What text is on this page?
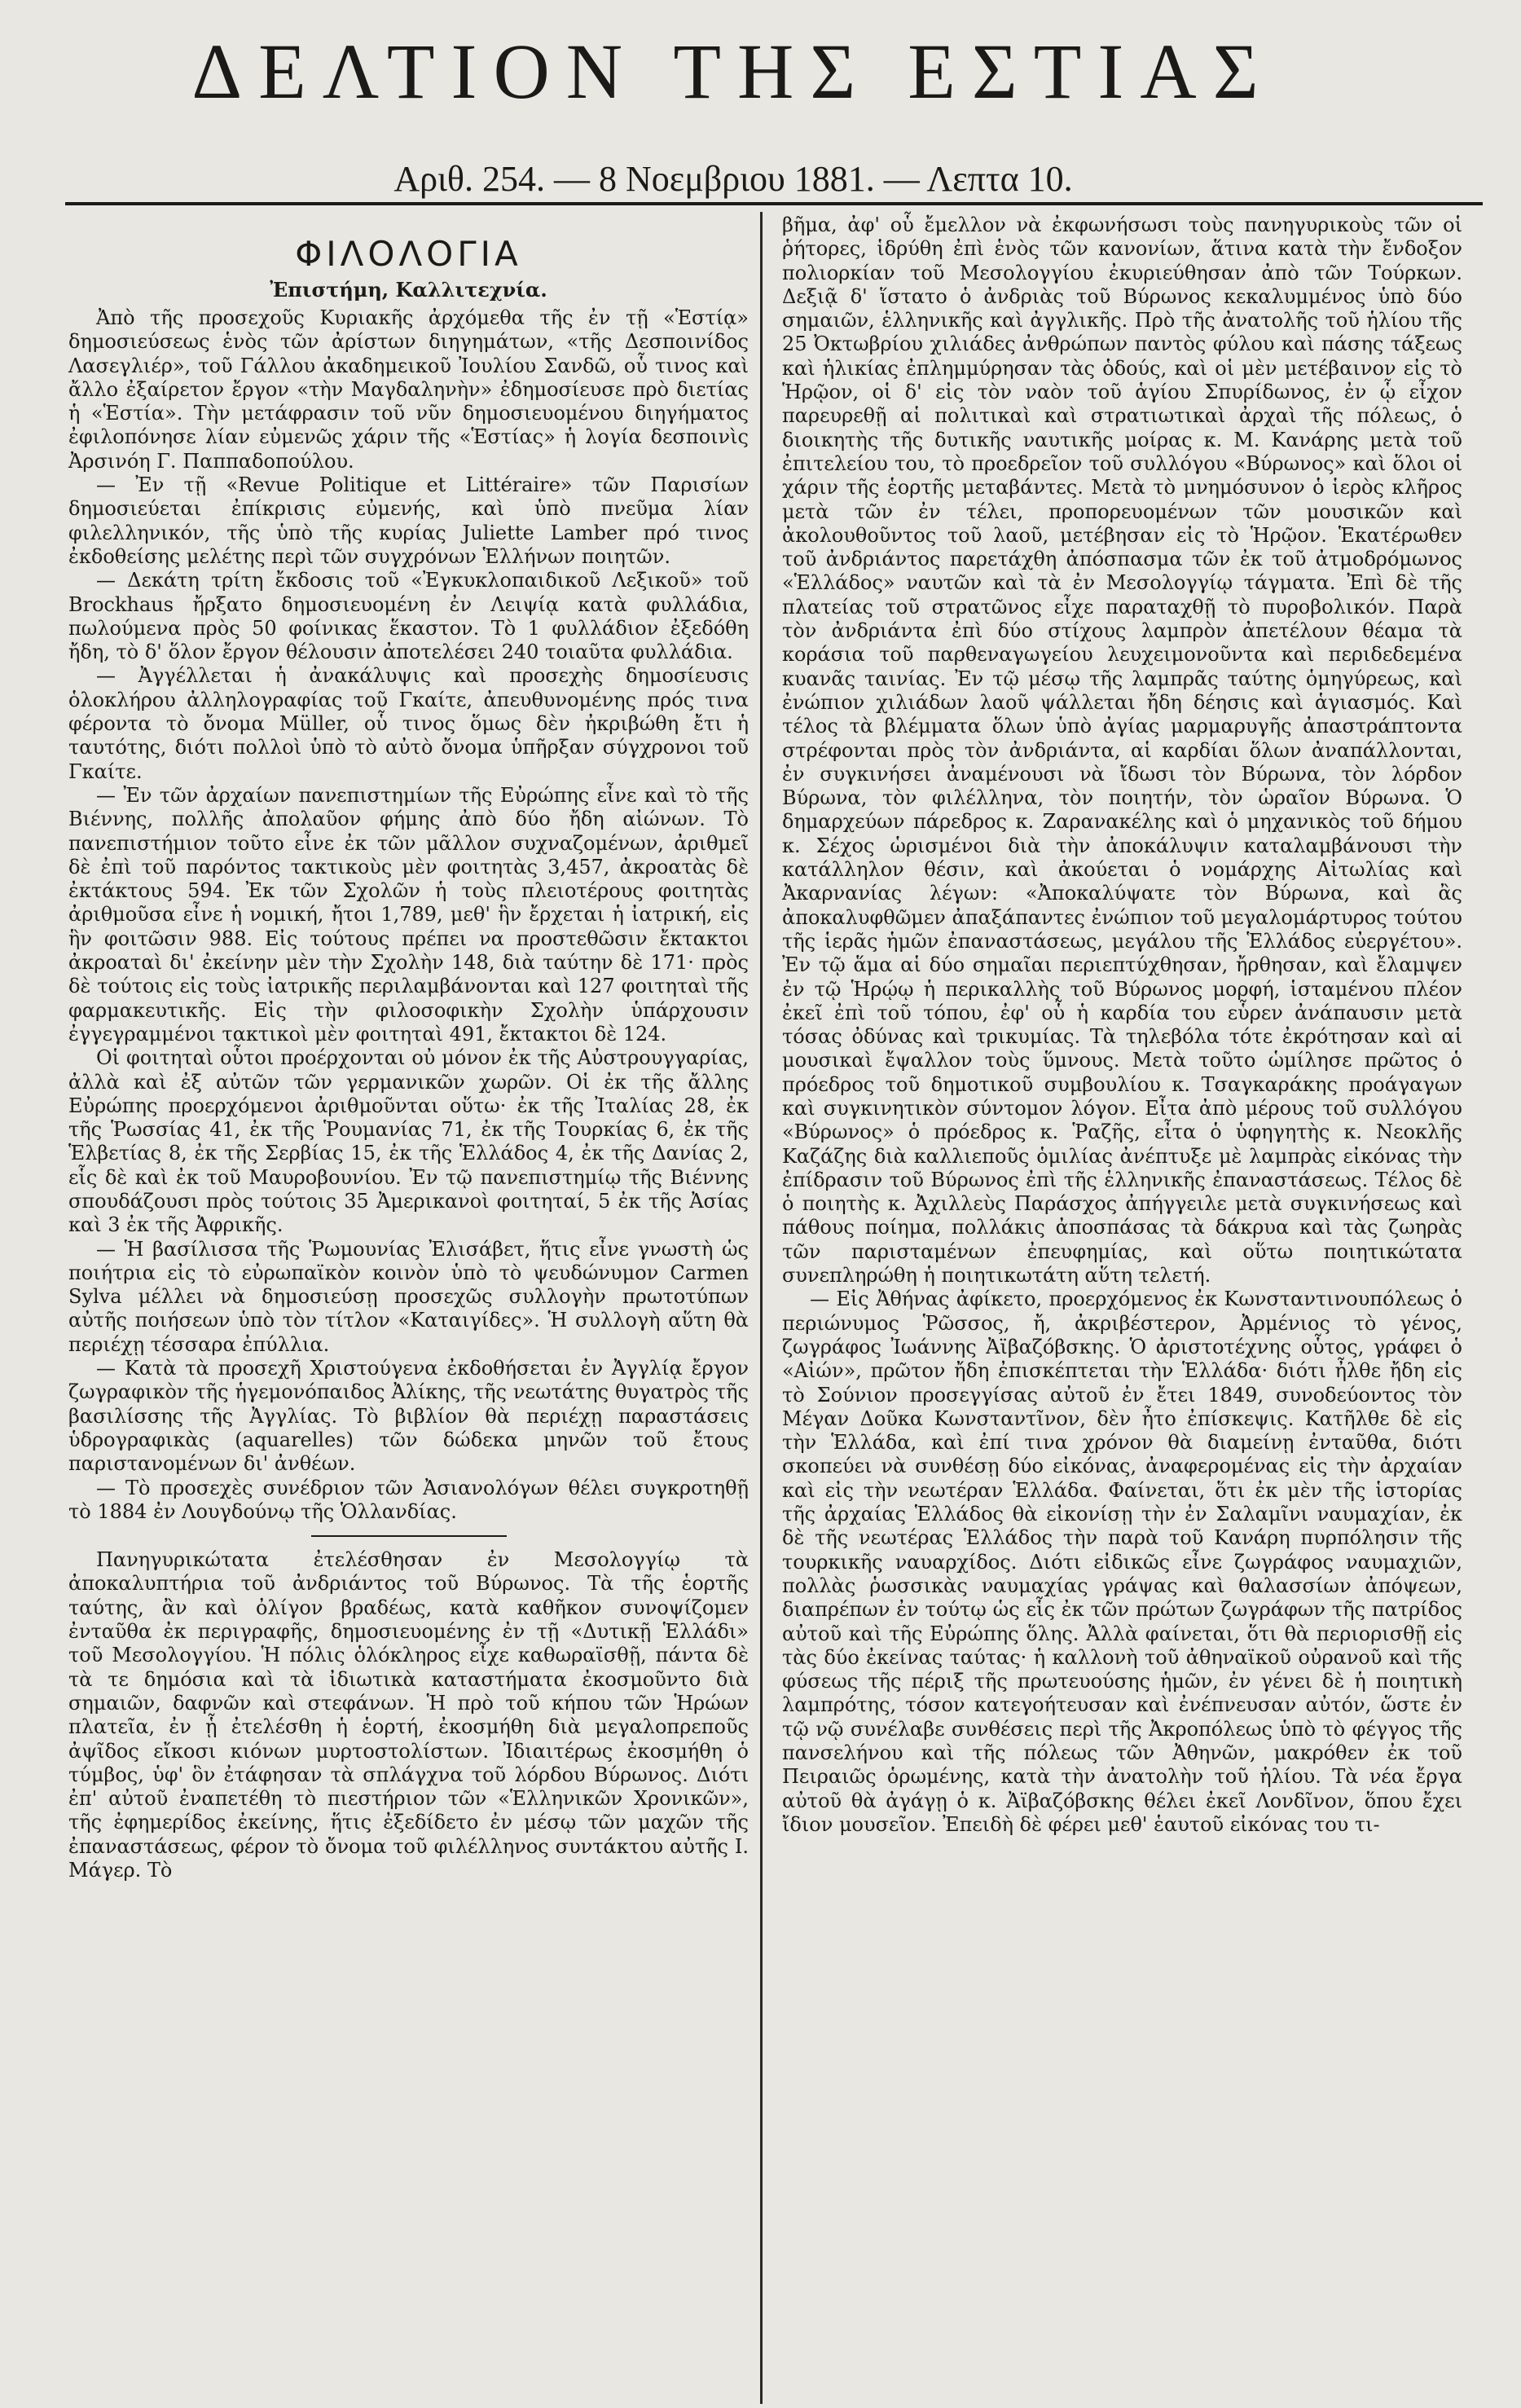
ΔΕΛΤΙΟΝ ΤΗΣ ΕΣΤΙΑΣ
Αριθ. 254. — 8 Νοεμβριου 1881. — Λεπτα 10.
ΦΙΛΟΛΟΓΙΑ
Ἐπιστήμη, Καλλιτεχνία.

Ἀπὸ τῆς προσεχοῦς Κυριακῆς ἀρχόμεθα τῆς ἐν τῇ «Ἑστίᾳ» δημοσιεύσεως ἑνὸς τῶν ἀρίστων διηγημάτων, «τῆς Δεσποινίδος Λασεγλιέρ», τοῦ Γάλλου ἀκαδημεικοῦ Ἰουλίου Σανδῶ, οὗ τινος καὶ ἄλλο ἐξαίρετον ἔργον «τὴν Μαγδαληνὴν» ἐδημοσίευσε πρὸ διετίας ἡ «Ἑστία». Τὴν μετάφρασιν τοῦ νῦν δημοσιευομένου διηγήματος ἐφιλοπόνησε λίαν εὐμενῶς χάριν τῆς «Ἑστίας» ἡ λογία δεσποινὶς Ἀρσινόη Γ. Παππαδοπούλου.

— Ἐν τῇ «Revue Politique et Littéraire» τῶν Παρισίων δημοσιεύεται ἐπίκρισις εὐμενής, καὶ ὑπὸ πνεῦμα λίαν φιλελληνικόν, τῆς ὑπὸ τῆς κυρίας Juliette Lamber πρό τινος ἐκδοθείσης μελέτης περὶ τῶν συγχρόνων Ἑλλήνων ποιητῶν.

— Δεκάτη τρίτη ἔκδοσις τοῦ «Ἐγκυκλοπαιδικοῦ Λεξικοῦ» τοῦ Brockhaus ἤρξατο δημοσιευομένη ἐν Λειψίᾳ κατὰ φυλλάδια, πωλούμενα πρὸς 50 φοίνικας ἕκαστον. Τὸ 1 φυλλάδιον ἐξεδόθη ἤδη, τὸ δ' ὅλον ἔργον θέλουσιν ἀποτελέσει 240 τοιαῦτα φυλλάδια.

— Ἀγγέλλεται ἡ ἀνακάλυψις καὶ προσεχὴς δημοσίευσις ὁλοκλήρου ἀλληλογραφίας τοῦ Γκαίτε, ἀπευθυνομένης πρός τινα φέροντα τὸ ὄνομα Müller, οὗ τινος ὅμως δὲν ἠκριβώθη ἔτι ἡ ταυτότης, διότι πολλοὶ ὑπὸ τὸ αὐτὸ ὄνομα ὑπῆρξαν σύγχρονοι τοῦ Γκαίτε.

— Ἐν τῶν ἀρχαίων πανεπιστημίων τῆς Εὐρώπης εἶνε καὶ τὸ τῆς Βιέννης, πολλῆς ἀπολαῦον φήμης ἀπὸ δύο ἤδη αἰώνων. Τὸ πανεπιστήμιον τοῦτο εἶνε ἐκ τῶν μᾶλλον συχναζομένων, ἀριθμεῖ δὲ ἐπὶ τοῦ παρόντος τακτικοὺς μὲν φοιτητὰς 3,457, ἀκροατὰς δὲ ἐκτάκτους 594. Ἐκ τῶν Σχολῶν ἡ τοὺς πλειοτέρους φοιτητὰς ἀριθμοῦσα εἶνε ἡ νομική, ἤτοι 1,789, μεθ' ἣν ἔρχεται ἡ ἰατρική, εἰς ἣν φοιτῶσιν 988. Εἰς τούτους πρέπει να προστεθῶσιν ἔκτακτοι ἀκροαταὶ δι' ἐκείνην μὲν τὴν Σχολὴν 148, διὰ ταύτην δὲ 171· πρὸς δὲ τούτοις εἰς τοὺς ἰατρικῆς περιλαμβάνονται καὶ 127 φοιτηταὶ τῆς φαρμακευτικῆς. Εἰς τὴν φιλοσοφικὴν Σχολὴν ὑπάρχουσιν ἐγγεγραμμένοι τακτικοὶ μὲν φοιτηταὶ 491, ἔκτακτοι δὲ 124.

Οἱ φοιτηταὶ οὗτοι προέρχονται οὐ μόνον ἐκ τῆς Αὐστρουγγαρίας, ἀλλὰ καὶ ἐξ αὐτῶν τῶν γερμανικῶν χωρῶν. Οἱ ἐκ τῆς ἄλλης Εὐρώπης προερχόμενοι ἀριθμοῦνται οὕτω· ἐκ τῆς Ἰταλίας 28, ἐκ τῆς Ῥωσσίας 41, ἐκ τῆς Ῥουμανίας 71, ἐκ τῆς Τουρκίας 6, ἐκ τῆς Ἑλβετίας 8, ἐκ τῆς Σερβίας 15, ἐκ τῆς Ἑλλάδος 4, ἐκ τῆς Δανίας 2, εἷς δὲ καὶ ἐκ τοῦ Μαυροβουνίου. Ἐν τῷ πανεπιστημίῳ τῆς Βιέννης σπουδάζουσι πρὸς τούτοις 35 Ἀμερικανοὶ φοιτηταί, 5 ἐκ τῆς Ἀσίας καὶ 3 ἐκ τῆς Ἀφρικῆς.

— Ἡ βασίλισσα τῆς Ῥωμουνίας Ἐλισάβετ, ἥτις εἶνε γνωστὴ ὡς ποιήτρια εἰς τὸ εὐρωπαϊκὸν κοινὸν ὑπὸ τὸ ψευδώνυμον Carmen Sylva μέλλει νὰ δημοσιεύσῃ προσεχῶς συλλογὴν πρωτοτύπων αὐτῆς ποιήσεων ὑπὸ τὸν τίτλον «Καταιγίδες». Ἡ συλλογὴ αὕτη θὰ περιέχῃ τέσσαρα ἐπύλλια.

— Κατὰ τὰ προσεχῆ Χριστούγενα ἐκδοθήσεται ἐν Ἀγγλίᾳ ἔργον ζωγραφικὸν τῆς ἡγεμονόπαιδος Ἀλίκης, τῆς νεωτάτης θυγατρὸς τῆς βασιλίσσης τῆς Ἀγγλίας. Τὸ βιβλίον θὰ περιέχῃ παραστάσεις ὑδρογραφικὰς (aquarelles) τῶν δώδεκα μηνῶν τοῦ ἔτους παριστανομένων δι' ἀνθέων.

— Τὸ προσεχὲς συνέδριον τῶν Ἀσιανολόγων θέλει συγκροτηθῇ τὸ 1884 ἐν Λουγδούνῳ τῆς Ὁλλανδίας.

Πανηγυρικώτατα ἐτελέσθησαν ἐν Μεσολογγίῳ τὰ ἀποκαλυπτήρια τοῦ ἀνδριάντος τοῦ Βύρωνος. Τὰ τῆς ἑορτῆς ταύτης, ἂν καὶ ὀλίγον βραδέως, κατὰ καθῆκον συνοψίζομεν ἐνταῦθα ἐκ περιγραφῆς, δημοσιευομένης ἐν τῇ «Δυτικῇ Ἑλλάδι» τοῦ Μεσολογγίου. Ἡ πόλις ὁλόκληρος εἶχε καθωραϊσθῇ, πάντα δὲ τὰ τε δημόσια καὶ τὰ ἰδιωτικὰ καταστήματα ἐκοσμοῦντο διὰ σημαιῶν, δαφνῶν καὶ στεφάνων. Ἡ πρὸ τοῦ κήπου τῶν Ἡρώων πλατεῖα, ἐν ᾗ ἐτελέσθη ἡ ἑορτή, ἐκοσμήθη διὰ μεγαλοπρεποῦς ἀψῖδος εἴκοσι κιόνων μυρτοστολίστων. Ἰδιαιτέρως ἐκοσμήθη ὁ τύμβος, ὑφ' ὃν ἐτάφησαν τὰ σπλάγχνα τοῦ λόρδου Βύρωνος. Διότι ἐπ' αὐτοῦ ἐναπετέθη τὸ πιεστήριον τῶν «Ἑλληνικῶν Χρονικῶν», τῆς ἐφημερίδος ἐκείνης, ἥτις ἐξεδίδετο ἐν μέσῳ τῶν μαχῶν τῆς ἐπαναστάσεως, φέρον τὸ ὄνομα τοῦ φιλέλληνος συντάκτου αὐτῆς Ι. Μάγερ. Τὸ

βῆμα, ἀφ' οὗ ἔμελλον νὰ ἐκφωνήσωσι τοὺς πανηγυρικοὺς τῶν οἱ ῥήτορες, ἱδρύθη ἐπὶ ἑνὸς τῶν κανονίων, ἅτινα κατὰ τὴν ἔνδοξον πολιορκίαν τοῦ Μεσολογγίου ἐκυριεύθησαν ἀπὸ τῶν Τούρκων. Δεξιᾷ δ' ἵστατο ὁ ἀνδριὰς τοῦ Βύρωνος κεκαλυμμένος ὑπὸ δύο σημαιῶν, ἑλληνικῆς καὶ ἀγγλικῆς. Πρὸ τῆς ἀνατολῆς τοῦ ἡλίου τῆς 25 Ὀκτωβρίου χιλιάδες ἀνθρώπων παντὸς φύλου καὶ πάσης τάξεως καὶ ἡλικίας ἐπλημμύρησαν τὰς ὁδούς, καὶ οἱ μὲν μετέβαινον εἰς τὸ Ἡρῷον, οἱ δ' εἰς τὸν ναὸν τοῦ ἁγίου Σπυρίδωνος, ἐν ᾧ εἶχον παρευρεθῇ αἱ πολιτικαὶ καὶ στρατιωτικαὶ ἀρχαὶ τῆς πόλεως, ὁ διοικητὴς τῆς δυτικῆς ναυτικῆς μοίρας κ. Μ. Κανάρης μετὰ τοῦ ἐπιτελείου του, τὸ προεδρεῖον τοῦ συλλόγου «Βύρωνος» καὶ ὅλοι οἱ χάριν τῆς ἑορτῆς μεταβάντες. Μετὰ τὸ μνημόσυνον ὁ ἱερὸς κλῆρος μετὰ τῶν ἐν τέλει, προπορευομένων τῶν μουσικῶν καὶ ἀκολουθοῦντος τοῦ λαοῦ, μετέβησαν εἰς τὸ Ἡρῷον. Ἑκατέρωθεν τοῦ ἀνδριάντος παρετάχθη ἀπόσπασμα τῶν ἐκ τοῦ ἀτμοδρόμωνος «Ἑλλάδος» ναυτῶν καὶ τὰ ἐν Μεσολογγίῳ τάγματα. Ἐπὶ δὲ τῆς πλατείας τοῦ στρατῶνος εἶχε παραταχθῇ τὸ πυροβολικόν. Παρὰ τὸν ἀνδριάντα ἐπὶ δύο στίχους λαμπρὸν ἀπετέλουν θέαμα τὰ κοράσια τοῦ παρθεναγωγείου λευχειμονοῦντα καὶ περιδεδεμένα κυανᾶς ταινίας. Ἐν τῷ μέσῳ τῆς λαμπρᾶς ταύτης ὁμηγύρεως, καὶ ἐνώπιον χιλιάδων λαοῦ ψάλλεται ἤδη δέησις καὶ ἁγιασμός. Καὶ τέλος τὰ βλέμματα ὅλων ὑπὸ ἀγίας μαρμαρυγῆς ἀπαστράπτοντα στρέφονται πρὸς τὸν ἀνδριάντα, αἱ καρδίαι ὅλων ἀναπάλλονται, ἐν συγκινήσει ἀναμένουσι νὰ ἴδωσι τὸν Βύρωνα, τὸν λόρδον Βύρωνα, τὸν φιλέλληνα, τὸν ποιητήν, τὸν ὡραῖον Βύρωνα. Ὁ δημαρχεύων πάρεδρος κ. Ζαρανακέλης καὶ ὁ μηχανικὸς τοῦ δήμου κ. Σέχος ὡρισμένοι διὰ τὴν ἀποκάλυψιν καταλαμβάνουσι τὴν κατάλληλον θέσιν, καὶ ἀκούεται ὁ νομάρχης Αἰτωλίας καὶ Ἀκαρνανίας λέγων: «Ἀποκαλύψατε τὸν Βύρωνα, καὶ ἂς ἀποκαλυφθῶμεν ἀπαξάπαντες ἐνώπιον τοῦ μεγαλομάρτυρος τούτου τῆς ἱερᾶς ἡμῶν ἐπαναστάσεως, μεγάλου τῆς Ἑλλάδος εὐεργέτου». Ἐν τῷ ἅμα αἱ δύο σημαῖαι περιεπτύχθησαν, ἤρθησαν, καὶ ἔλαμψεν ἐν τῷ Ἡρῴῳ ἡ περικαλλὴς τοῦ Βύρωνος μορφή, ἱσταμένου πλέον ἐκεῖ ἐπὶ τοῦ τόπου, ἐφ' οὗ ἡ καρδία του εὗρεν ἀνάπαυσιν μετὰ τόσας ὀδύνας καὶ τρικυμίας. Τὰ τηλεβόλα τότε ἐκρότησαν καὶ αἱ μουσικαὶ ἔψαλλον τοὺς ὕμνους. Μετὰ τοῦτο ὡμίλησε πρῶτος ὁ πρόεδρος τοῦ δημοτικοῦ συμβουλίου κ. Τσαγκαράκης προάγαγων καὶ συγκινητικὸν σύντομον λόγον. Εἶτα ἀπὸ μέρους τοῦ συλλόγου «Βύρωνος» ὁ πρόεδρος κ. Ῥαζῆς, εἶτα ὁ ὑφηγητὴς κ. Νεοκλῆς Καζάζης διὰ καλλιεποῦς ὁμιλίας ἀνέπτυξε μὲ λαμπρὰς εἰκόνας τὴν ἐπίδρασιν τοῦ Βύρωνος ἐπὶ τῆς ἑλληνικῆς ἐπαναστάσεως. Τέλος δὲ ὁ ποιητὴς κ. Ἀχιλλεὺς Παράσχος ἀπήγγειλε μετὰ συγκινήσεως καὶ πάθους ποίημα, πολλάκις ἀποσπάσας τὰ δάκρυα καὶ τὰς ζωηρὰς τῶν παρισταμένων ἐπευφημίας, καὶ οὕτω ποιητικώτατα συνεπληρώθη ἡ ποιητικωτάτη αὕτη τελετή.

— Εἰς Ἀθήνας ἀφίκετο, προερχόμενος ἐκ Κωνσταντινουπόλεως ὁ περιώνυμος Ῥῶσσος, ἤ, ἀκριβέστερον, Ἀρμένιος τὸ γένος, ζωγράφος Ἰωάννης Ἀϊβαζόβσκης. Ὁ ἀριστοτέχνης οὗτος, γράφει ὁ «Αἰών», πρῶτον ἤδη ἐπισκέπτεται τὴν Ἑλλάδα· διότι ἦλθε ἤδη εἰς τὸ Σούνιον προσεγγίσας αὐτοῦ ἐν ἔτει 1849, συνοδεύοντος τὸν Μέγαν Δοῦκα Κωνσταντῖνον, δὲν ἦτο ἐπίσκεψις. Κατῆλθε δὲ εἰς τὴν Ἑλλάδα, καὶ ἐπί τινα χρόνον θὰ διαμείνῃ ἐνταῦθα, διότι σκοπεύει νὰ συνθέσῃ δύο εἰκόνας, ἀναφερομένας εἰς τὴν ἀρχαίαν καὶ εἰς τὴν νεωτέραν Ἑλλάδα. Φαίνεται, ὅτι ἐκ μὲν τῆς ἱστορίας τῆς ἀρχαίας Ἑλλάδος θὰ εἰκονίσῃ τὴν ἐν Σαλαμῖνι ναυμαχίαν, ἐκ δὲ τῆς νεωτέρας Ἑλλάδος τὴν παρὰ τοῦ Κανάρη πυρπόλησιν τῆς τουρκικῆς ναυαρχίδος. Διότι εἰδικῶς εἶνε ζωγράφος ναυμαχιῶν, πολλὰς ῥωσσικὰς ναυμαχίας γράψας καὶ θαλασσίων ἀπόψεων, διαπρέπων ἐν τούτῳ ὡς εἷς ἐκ τῶν πρώτων ζωγράφων τῆς πατρίδος αὐτοῦ καὶ τῆς Εὐρώπης ὅλης. Ἀλλὰ φαίνεται, ὅτι θὰ περιορισθῇ εἰς τὰς δύο ἐκείνας ταύτας· ἡ καλλονὴ τοῦ ἀθηναϊκοῦ οὐρανοῦ καὶ τῆς φύσεως τῆς πέριξ τῆς πρωτευούσης ἡμῶν, ἐν γένει δὲ ἡ ποιητικὴ λαμπρότης, τόσον κατεγοήτευσαν καὶ ἐνέπνευσαν αὐτόν, ὥστε ἐν τῷ νῷ συνέλαβε συνθέσεις περὶ τῆς Ἀκροπόλεως ὑπὸ τὸ φέγγος τῆς πανσελήνου καὶ τῆς πόλεως τῶν Ἀθηνῶν, μακρόθεν ἐκ τοῦ Πειραιῶς ὁρωμένης, κατὰ τὴν ἀνατολὴν τοῦ ἡλίου. Τὰ νέα ἔργα αὐτοῦ θὰ ἀγάγῃ ὁ κ. Ἀϊβαζόβσκης θέλει ἐκεῖ Λονδῖνον, ὅπου ἔχει ἴδιον μουσεῖον. Ἐπειδὴ δὲ φέρει μεθ' ἑαυτοῦ εἰκόνας του τι-
